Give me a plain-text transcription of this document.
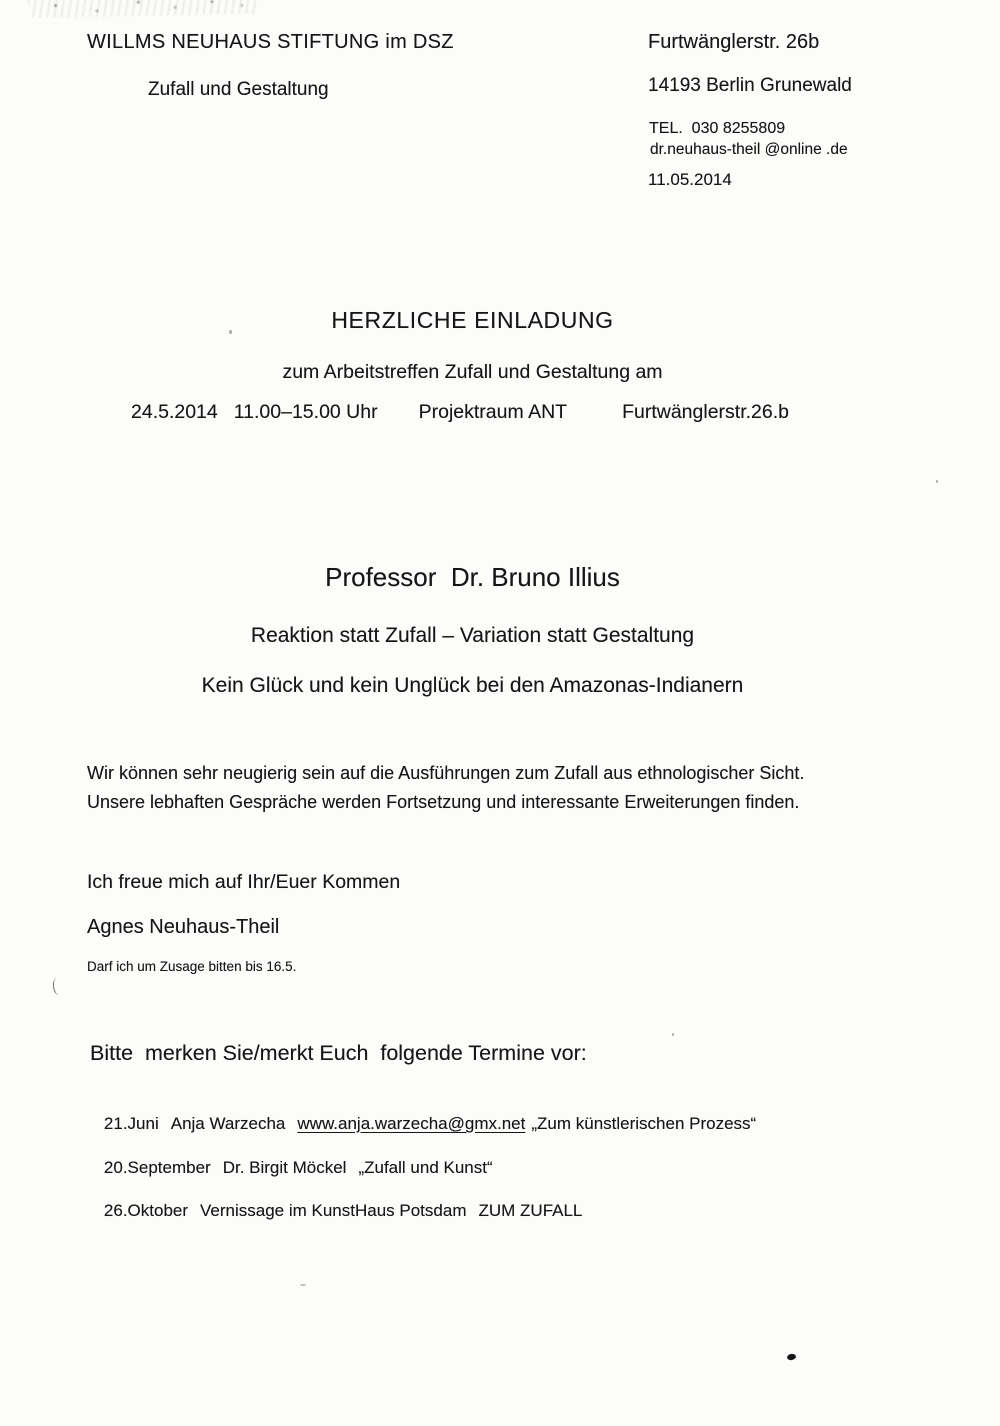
WILLMS NEUHAUS STIFTUNG im DSZ
Zufall und Gestaltung
Furtwänglerstr. 26b
14193 Berlin Grunewald
TEL.  030 8255809
dr.neuhaus-theil @online .de
11.05.2014
HERZLICHE EINLADUNG
zum Arbeitstreffen Zufall und Gestaltung am
24.5.2014 11.00–15.00 Uhr Projektraum ANT	Furtwänglerstr.26.b
Professor  Dr. Bruno Illius
Reaktion statt Zufall – Variation statt Gestaltung
Kein Glück und kein Unglück bei den Amazonas-Indianern
Wir können sehr neugierig sein auf die Ausführungen zum Zufall aus ethnologischer Sicht.
Unsere lebhaften Gespräche werden Fortsetzung und interessante Erweiterungen finden.
Ich freue mich auf Ihr/Euer Kommen
Agnes Neuhaus-Theil
Darf ich um Zusage bitten bis 16.5.
Bitte  merken Sie/merkt Euch  folgende Termine vor:

21.Juni Anja Warzecha www.anja.warzecha@gmx.net „Zum künstlerischen Prozess“

20.September Dr. Birgit Möckel „Zufall und Kunst“

26.Oktober Vernissage im KunstHaus Potsdam ZUM ZUFALL
